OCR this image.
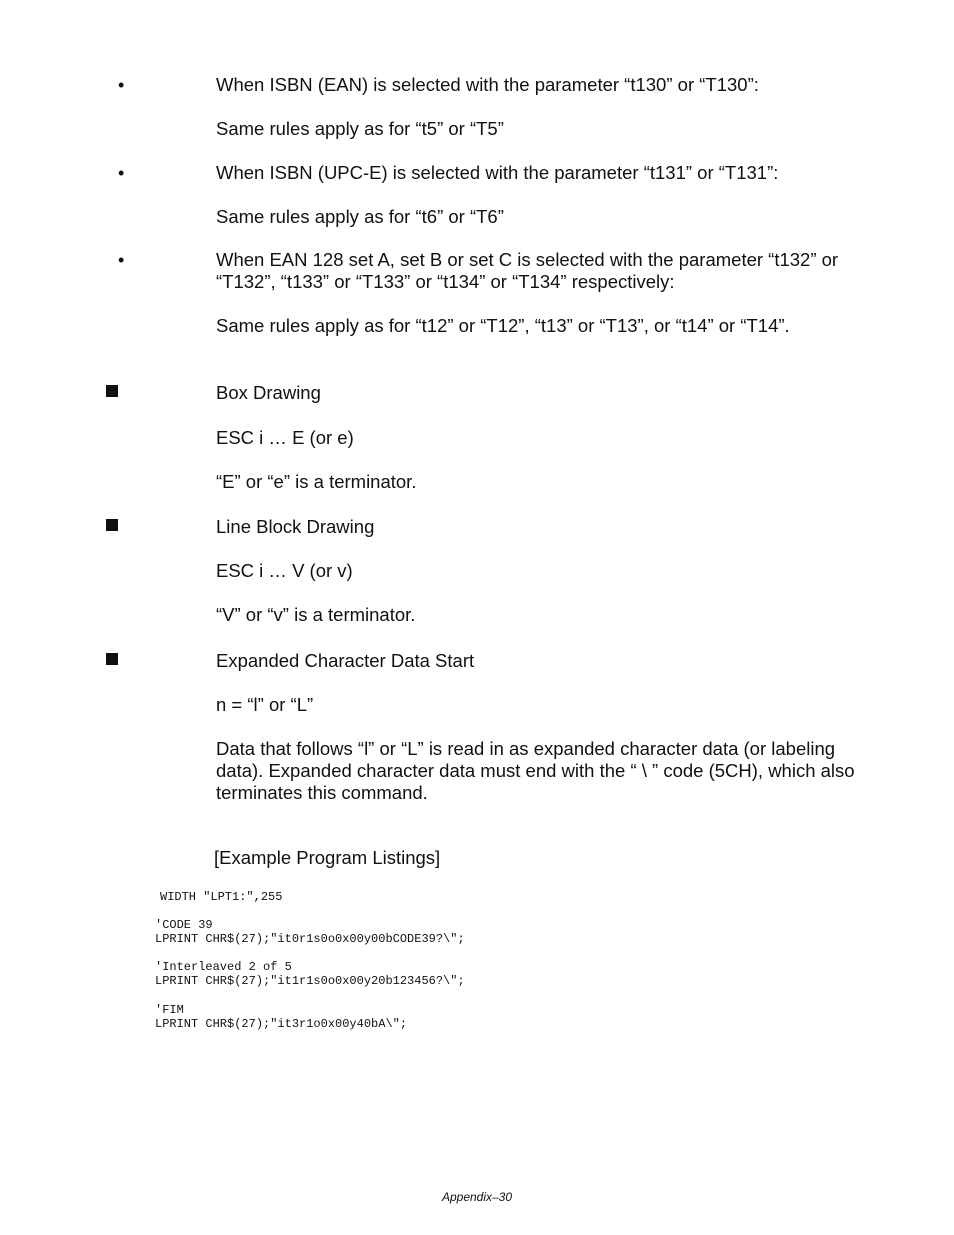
•	When ISBN (EAN) is selected with the parameter “t130” or “T130”:
Same rules apply as for “t5” or “T5”
•	When ISBN (UPC-E) is selected with the parameter “t131” or “T131”:
Same rules apply as for “t6” or “T6”
•	When EAN 128 set A, set B or set C is selected with the parameter “t132” or “T132”, “t133” or “T133” or “t134” or “T134” respectively:
Same rules apply as for “t12” or “T12”, “t13” or “T13”, or “t14” or “T14”.
Box Drawing
ESC i … E (or e)
“E” or “e” is a terminator.
Line Block Drawing
ESC i … V (or v)
“V” or “v” is a terminator.
Expanded Character Data Start
n = “l” or “L”
Data that follows “l” or “L” is read in as expanded character data (or labeling data). Expanded character data must end with the “ \ ” code (5CH), which also terminates this command.
[Example Program Listings]
WIDTH "LPT1:",255
'CODE 39
LPRINT CHR$(27);"it0r1s0o0x00y00bCODE39?\";
'Interleaved 2 of 5
LPRINT CHR$(27);"it1r1s0o0x00y20b123456?\";
'FIM
LPRINT CHR$(27);"it3r1o0x00y40bA\";
Appendix–30
